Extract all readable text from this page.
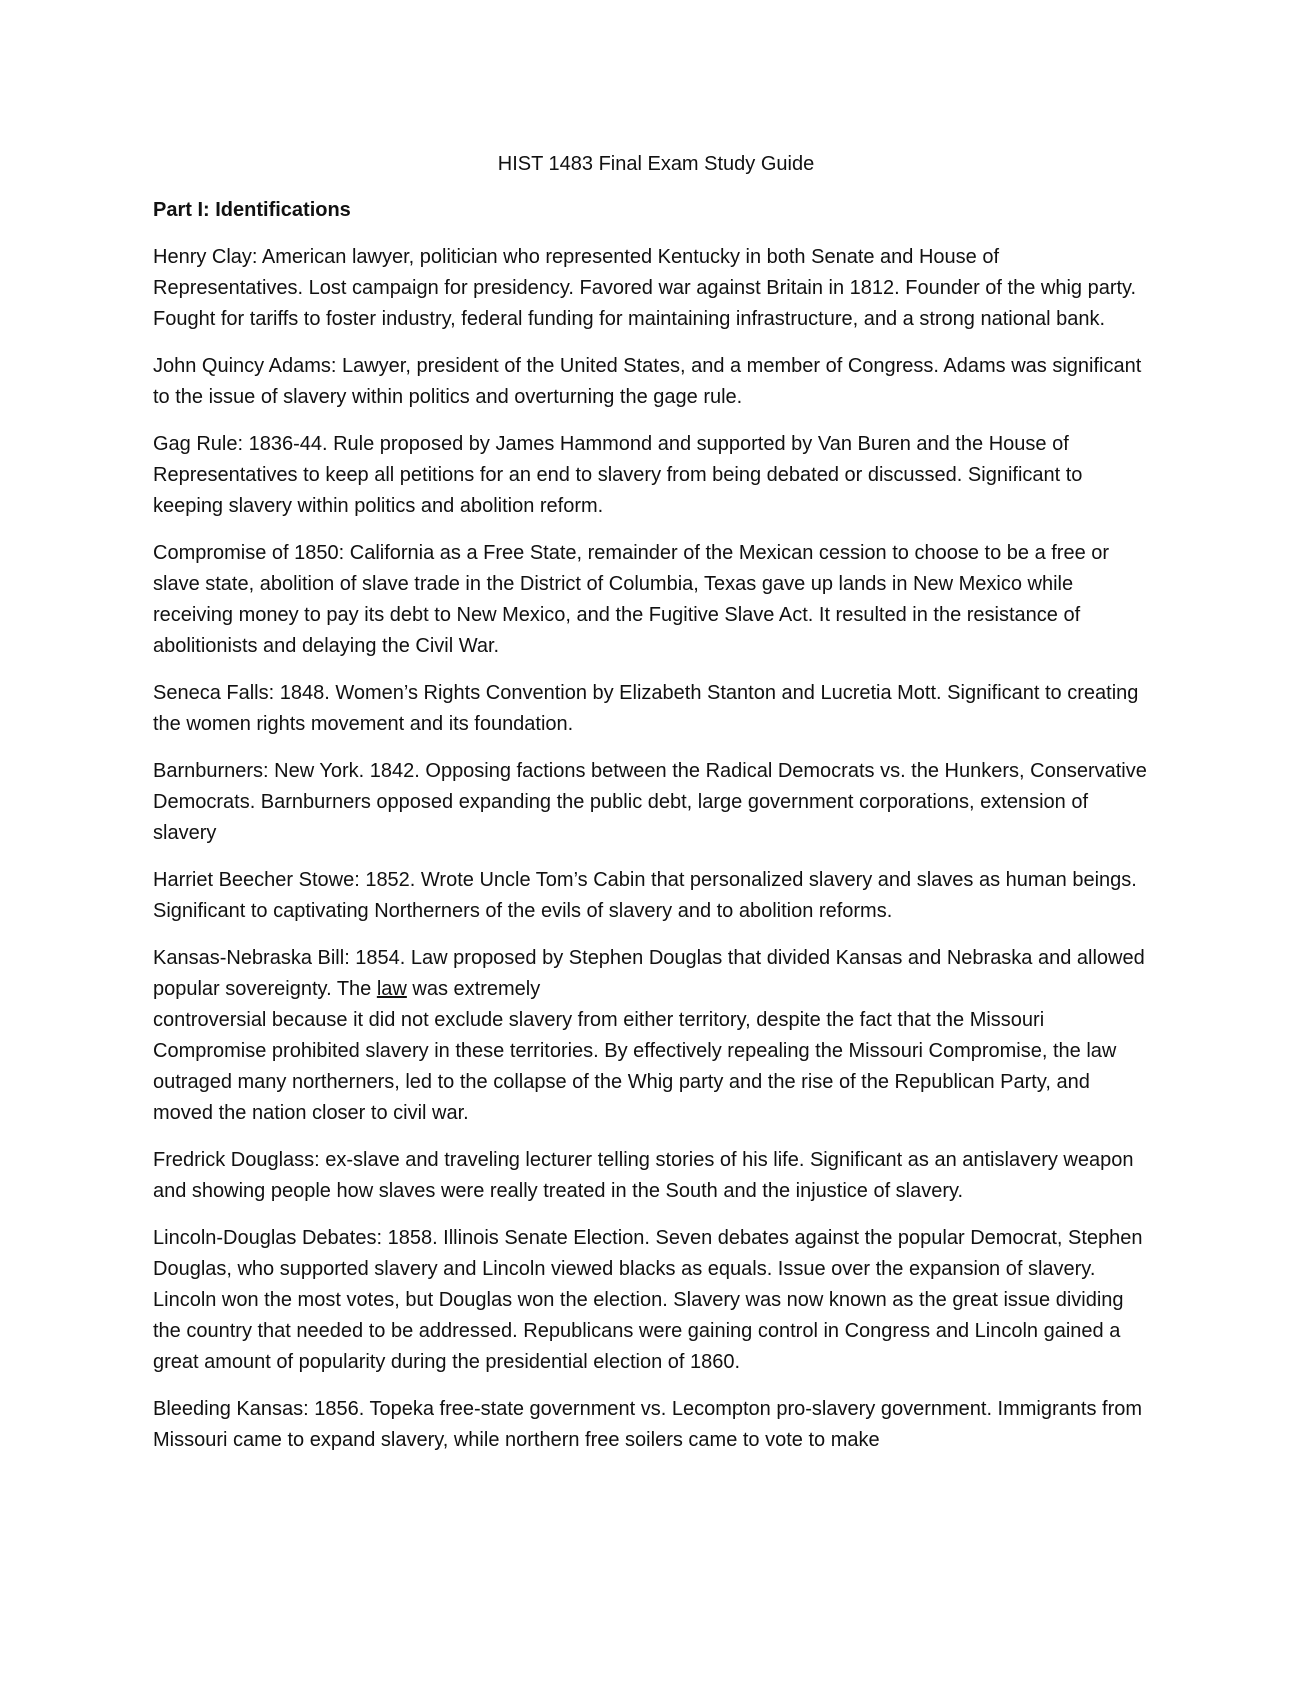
HIST 1483 Final Exam Study Guide
Part I: Identifications

Henry Clay: American lawyer, politician who represented Kentucky in both Senate and House of Representatives. Lost campaign for presidency. Favored war against Britain in 1812. Founder of the whig party. Fought for tariffs to foster industry, federal funding for maintaining infrastructure, and a strong national bank.

John Quincy Adams: Lawyer, president of the United States, and a member of Congress. Adams was significant to the issue of slavery within politics and overturning the gage rule.

Gag Rule: 1836-44. Rule proposed by James Hammond and supported by Van Buren and the House of Representatives to keep all petitions for an end to slavery from being debated or discussed. Significant to keeping slavery within politics and abolition reform.

Compromise of 1850: California as a Free State, remainder of the Mexican cession to choose to be a free or slave state, abolition of slave trade in the District of Columbia, Texas gave up lands in New Mexico while receiving money to pay its debt to New Mexico, and the Fugitive Slave Act. It resulted in the resistance of abolitionists and delaying the Civil War.

Seneca Falls: 1848. Women’s Rights Convention by Elizabeth Stanton and Lucretia Mott. Significant to creating the women rights movement and its foundation.

Barnburners: New York. 1842. Opposing factions between the Radical Democrats vs. the Hunkers, Conservative Democrats. Barnburners opposed expanding the public debt, large government corporations, extension of slavery

Harriet Beecher Stowe: 1852. Wrote Uncle Tom’s Cabin that personalized slavery and slaves as human beings. Significant to captivating Northerners of the evils of slavery and to abolition reforms.

Kansas-Nebraska Bill: 1854. Law proposed by Stephen Douglas that divided Kansas and Nebraska and allowed popular sovereignty. The law was extremely
controversial because it did not exclude slavery from either territory, despite the fact that the Missouri Compromise prohibited slavery in these territories. By effectively repealing the Missouri Compromise, the law outraged many northerners, led to the collapse of the Whig party and the rise of the Republican Party, and moved the nation closer to civil war.

Fredrick Douglass: ex-slave and traveling lecturer telling stories of his life. Significant as an antislavery weapon and showing people how slaves were really treated in the South and the injustice of slavery.

Lincoln-Douglas Debates: 1858. Illinois Senate Election. Seven debates against the popular Democrat, Stephen Douglas, who supported slavery and Lincoln viewed blacks as equals. Issue over the expansion of slavery. Lincoln won the most votes, but Douglas won the election. Slavery was now known as the great issue dividing the country that needed to be addressed. Republicans were gaining control in Congress and Lincoln gained a great amount of popularity during the presidential election of 1860.

Bleeding Kansas: 1856. Topeka free-state government vs. Lecompton pro-slavery government. Immigrants from Missouri came to expand slavery, while northern free soilers came to vote to make
